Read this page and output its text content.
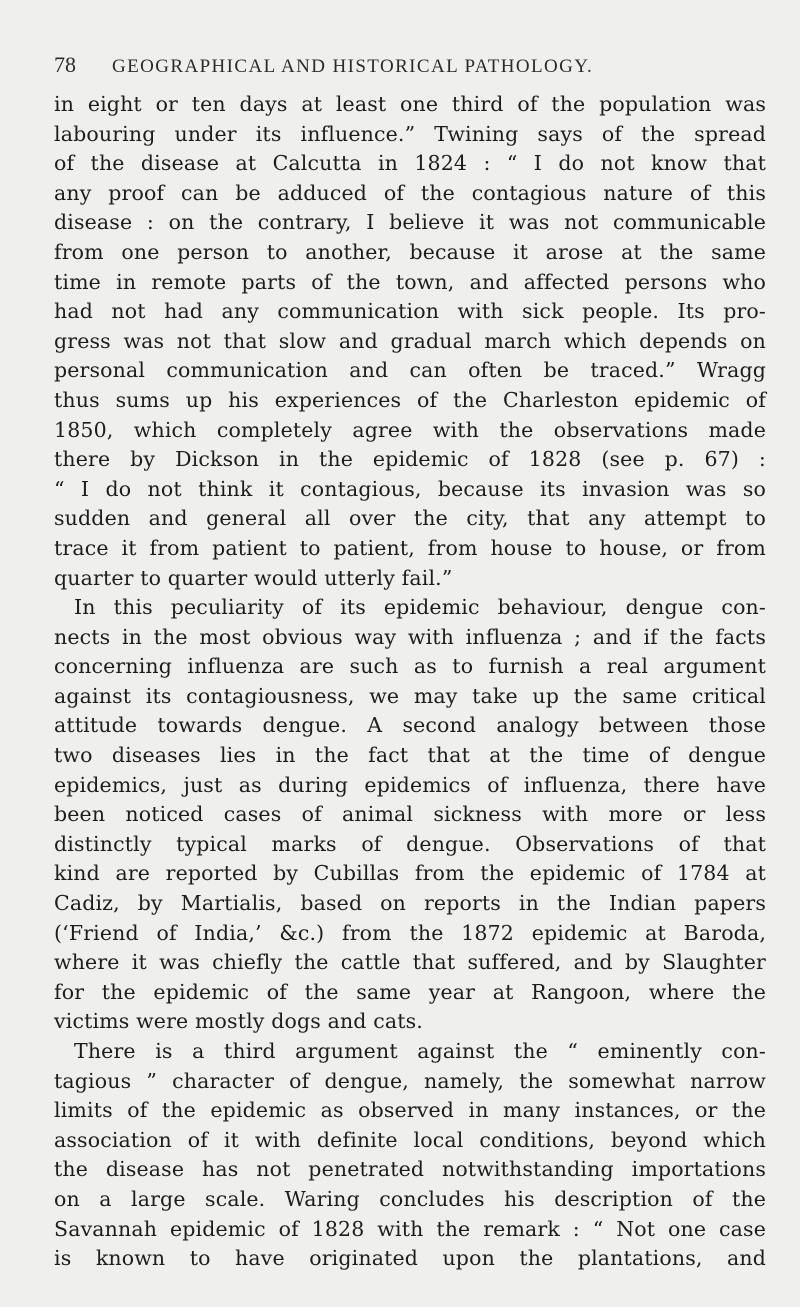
78 GEOGRAPHICAL AND HISTORICAL PATHOLOGY.
in eight or ten days at least one third of the population was
labouring under its influence.” Twining says of the spread
of the disease at Calcutta in 1824 : “ I do not know that
any proof can be adduced of the contagious nature of this
disease : on the contrary, I believe it was not communicable
from one person to another, because it arose at the same
time in remote parts of the town, and affected persons who
had not had any communication with sick people. Its pro-
gress was not that slow and gradual march which depends on
personal communication and can often be traced.” Wragg
thus sums up his experiences of the Charleston epidemic of
1850, which completely agree with the observations made
there by Dickson in the epidemic of 1828 (see p. 67) :
“ I do not think it contagious, because its invasion was so
sudden and general all over the city, that any attempt to
trace it from patient to patient, from house to house, or from
quarter to quarter would utterly fail.”
In this peculiarity of its epidemic behaviour, dengue con-
nects in the most obvious way with influenza ; and if the facts
concerning influenza are such as to furnish a real argument
against its contagiousness, we may take up the same critical
attitude towards dengue. A second analogy between those
two diseases lies in the fact that at the time of dengue
epidemics, just as during epidemics of influenza, there have
been noticed cases of animal sickness with more or less
distinctly typical marks of dengue. Observations of that
kind are reported by Cubillas from the epidemic of 1784 at
Cadiz, by Martialis, based on reports in the Indian papers
(‘Friend of India,’ &c.) from the 1872 epidemic at Baroda,
where it was chiefly the cattle that suffered, and by Slaughter
for the epidemic of the same year at Rangoon, where the
victims were mostly dogs and cats.
There is a third argument against the “ eminently con-
tagious ” character of dengue, namely, the somewhat narrow
limits of the epidemic as observed in many instances, or the
association of it with definite local conditions, beyond which
the disease has not penetrated notwithstanding importations
on a large scale. Waring concludes his description of the
Savannah epidemic of 1828 with the remark : “ Not one case
is known to have originated upon the plantations, and
